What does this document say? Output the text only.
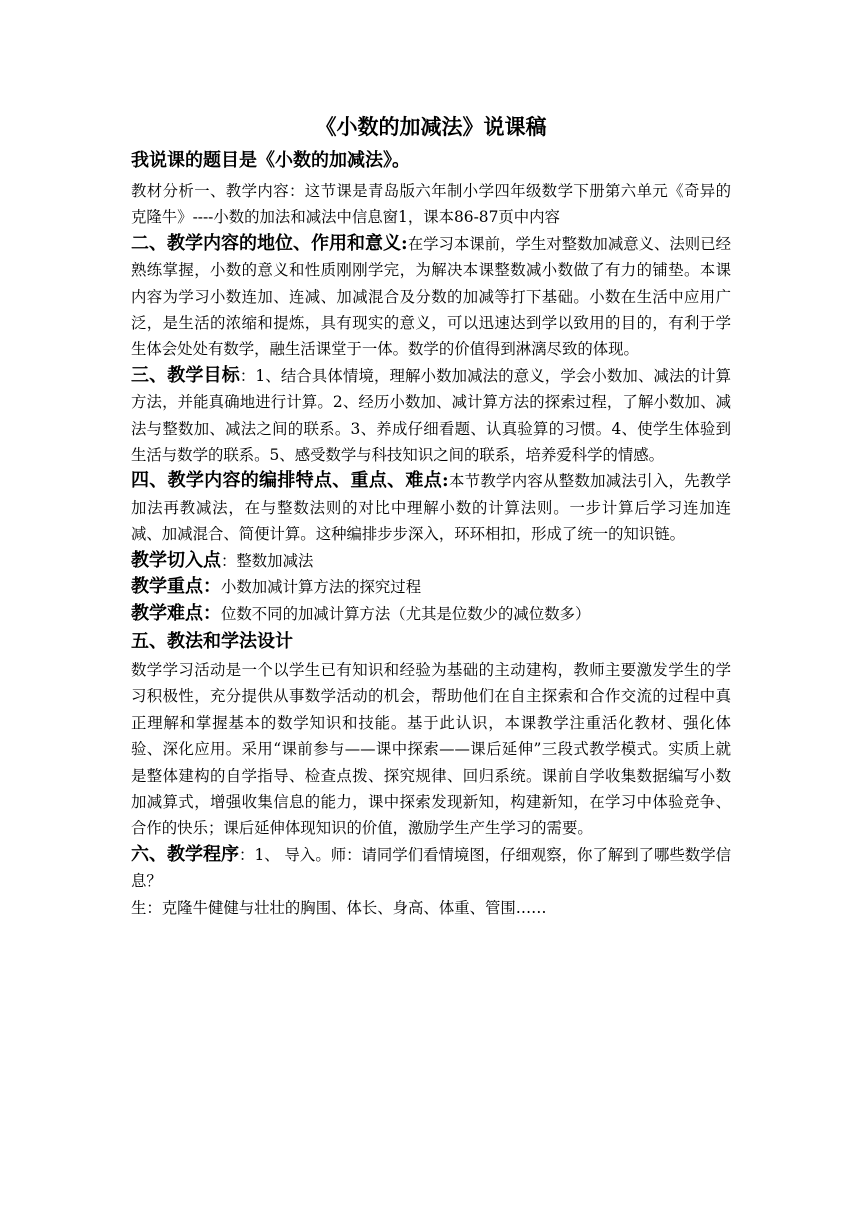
《小数的加减法》说课稿
我说课的题目是《小数的加减法》。

教材分析一、教学内容：这节课是青岛版六年制小学四年级数学下册第六单元《奇异的克隆牛》----小数的加法和减法中信息窗1，课本86-87页中内容

二、教学内容的地位、作用和意义:在学习本课前，学生对整数加减意义、法则已经熟练掌握，小数的意义和性质刚刚学完，为解决本课整数减小数做了有力的铺垫。本课内容为学习小数连加、连减、加减混合及分数的加减等打下基础。小数在生活中应用广泛，是生活的浓缩和提炼，具有现实的意义，可以迅速达到学以致用的目的，有利于学生体会处处有数学，融生活课堂于一体。数学的价值得到淋漓尽致的体现。

三、教学目标：1、结合具体情境，理解小数加减法的意义，学会小数加、减法的计算方法，并能真确地进行计算。2、经历小数加、减计算方法的探索过程，了解小数加、减法与整数加、减法之间的联系。3、养成仔细看题、认真验算的习惯。4、使学生体验到生活与数学的联系。5、感受数学与科技知识之间的联系，培养爱科学的情感。

四、教学内容的编排特点、重点、难点:本节教学内容从整数加减法引入，先教学加法再教减法，在与整数法则的对比中理解小数的计算法则。一步计算后学习连加连减、加减混合、简便计算。这种编排步步深入，环环相扣，形成了统一的知识链。

教学切入点：整数加减法

教学重点：小数加减计算方法的探究过程

教学难点：位数不同的加减计算方法（尤其是位数少的减位数多）

五、教法和学法设计

数学学习活动是一个以学生已有知识和经验为基础的主动建构，教师主要激发学生的学习积极性，充分提供从事数学活动的机会，帮助他们在自主探索和合作交流的过程中真正理解和掌握基本的数学知识和技能。基于此认识，本课教学注重活化教材、强化体验、深化应用。采用“课前参与——课中探索——课后延伸”三段式教学模式。实质上就是整体建构的自学指导、检查点拨、探究规律、回归系统。课前自学收集数据编写小数加减算式，增强收集信息的能力，课中探索发现新知，构建新知，在学习中体验竞争、合作的快乐；课后延伸体现知识的价值，激励学生产生学习的需要。

六、教学程序：1、 导入。师：请同学们看情境图，仔细观察，你了解到了哪些数学信息？

生：克隆牛健健与壮壮的胸围、体长、身高、体重、管围……
